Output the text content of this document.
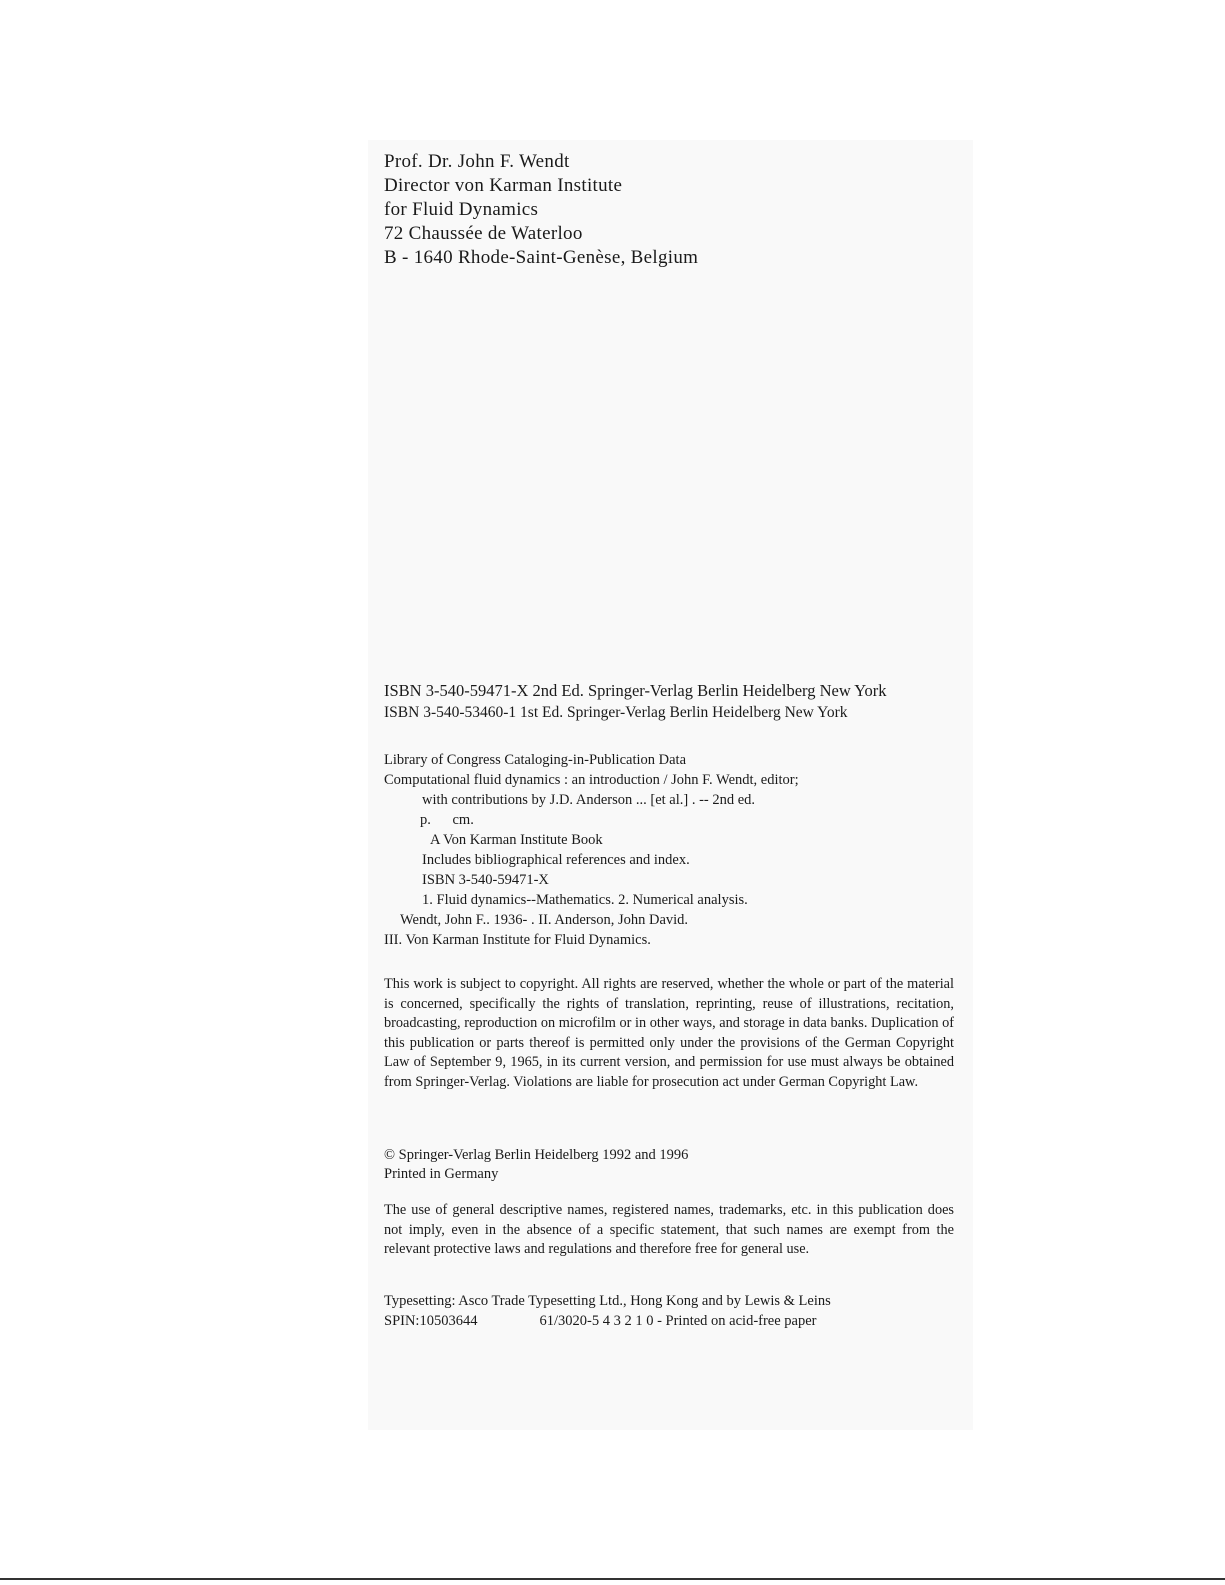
Prof. Dr. John F. Wendt
Director von Karman Institute
for Fluid Dynamics
72 Chaussée de Waterloo
B - 1640 Rhode-Saint-Genèse, Belgium
ISBN 3-540-59471-X 2nd Ed. Springer-Verlag Berlin Heidelberg New York
ISBN 3-540-53460-1 1st Ed. Springer-Verlag Berlin Heidelberg New York
Library of Congress Cataloging-in-Publication Data
Computational fluid dynamics : an introduction / John F. Wendt, editor;
with contributions by J.D. Anderson ... [et al.] . -- 2nd ed.
p. cm.
A Von Karman Institute Book
Includes bibliographical references and index.
ISBN 3-540-59471-X
1. Fluid dynamics--Mathematics. 2. Numerical analysis.
Wendt, John F.. 1936- . II. Anderson, John David.
III. Von Karman Institute for Fluid Dynamics.
This work is subject to copyright. All rights are reserved, whether the whole or part of the material is concerned, specifically the rights of translation, reprinting, reuse of illustrations, recitation, broadcasting, reproduction on microfilm or in other ways, and storage in data banks. Duplication of this publication or parts thereof is permitted only under the provisions of the German Copyright Law of September 9, 1965, in its current version, and permission for use must always be obtained from Springer-Verlag. Violations are liable for prosecution act under German Copyright Law.
© Springer-Verlag Berlin Heidelberg 1992 and 1996
Printed in Germany
The use of general descriptive names, registered names, trademarks, etc. in this publication does not imply, even in the absence of a specific statement, that such names are exempt from the relevant protective laws and regulations and therefore free for general use.
Typesetting: Asco Trade Typesetting Ltd., Hong Kong and by Lewis & Leins
SPIN:10503644	61/3020-5 4 3 2 1 0 - Printed on acid-free paper
